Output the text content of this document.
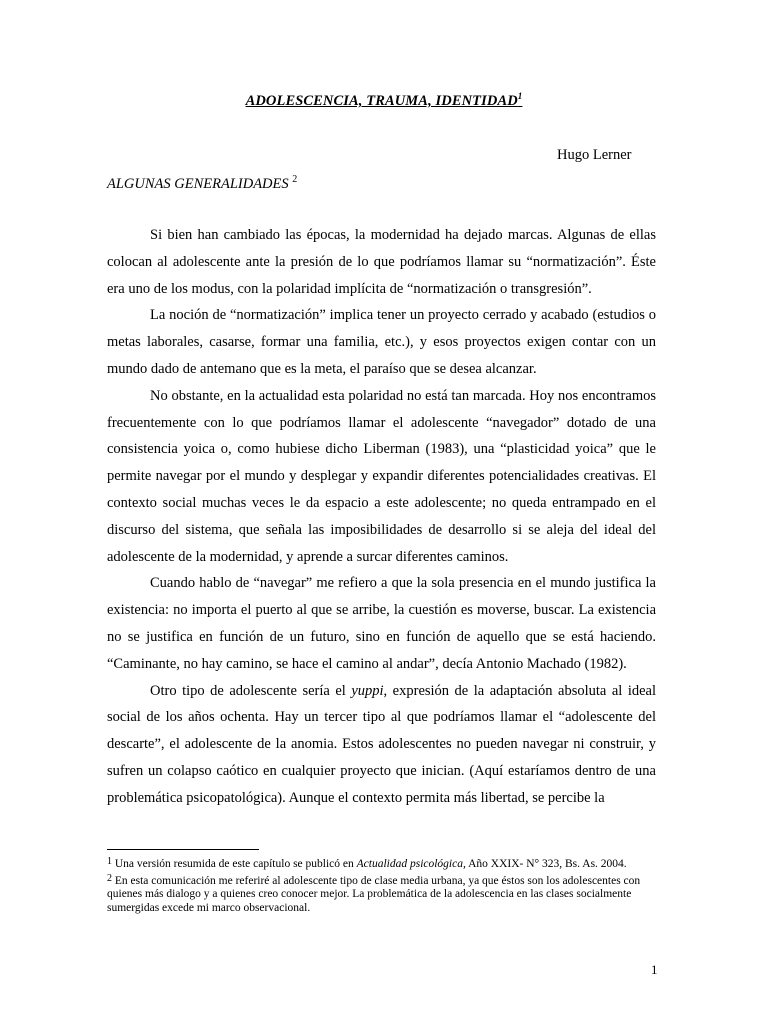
ADOLESCENCIA, TRAUMA, IDENTIDAD$^1$
Hugo Lerner
ALGUNAS GENERALIDADES $^2$

Si bien han cambiado las épocas, la modernidad ha dejado marcas. Algunas de ellas colocan al adolescente ante la presión de lo que podríamos llamar su “normatización”. Éste era uno de los modus, con la polaridad implícita de “normatización o transgresión”.

La noción de “normatización” implica tener un proyecto cerrado y acabado (estudios o metas laborales, casarse, formar una familia, etc.), y esos proyectos exigen contar con un mundo dado de antemano que es la meta, el paraíso que se desea alcanzar.

No obstante, en la actualidad esta polaridad no está tan marcada. Hoy nos encontramos frecuentemente con lo que podríamos llamar el adolescente “navegador” dotado de una consistencia yoica o, como hubiese dicho Liberman (1983), una “plasticidad yoica” que le permite navegar por el mundo y desplegar y expandir diferentes potencialidades creativas. El contexto social muchas veces le da espacio a este adolescente; no queda entrampado en el discurso del sistema, que señala las imposibilidades de desarrollo si se aleja del ideal del adolescente de la modernidad, y aprende a surcar diferentes caminos.

Cuando hablo de “navegar” me refiero a que la sola presencia en el mundo justifica la existencia: no importa el puerto al que se arribe, la cuestión es moverse, buscar. La existencia no se justifica en función de un futuro, sino en función de aquello que se está haciendo. “Caminante, no hay camino, se hace el camino al andar”, decía Antonio Machado (1982).

Otro tipo de adolescente sería el yuppi, expresión de la adaptación absoluta al ideal social de los años ochenta. Hay un tercer tipo al que podríamos llamar el “adolescente del descarte”, el adolescente de la anomia. Estos adolescentes no pueden navegar ni construir, y sufren un colapso caótico en cualquier proyecto que inician. (Aquí estaríamos dentro de una problemática psicopatológica). Aunque el contexto permita más libertad, se percibe la

$^1$ Una versión resumida de este capítulo se publicó en Actualidad psicológica, Año XXIX- N° 323, Bs. As. 2004.

$^2$ En esta comunicación me referiré al adolescente tipo de clase media urbana, ya que éstos son los adolescentes con quienes más dialogo y a quienes creo conocer mejor. La problemática de la adolescencia en las clases socialmente sumergidas excede mi marco observacional.

1
